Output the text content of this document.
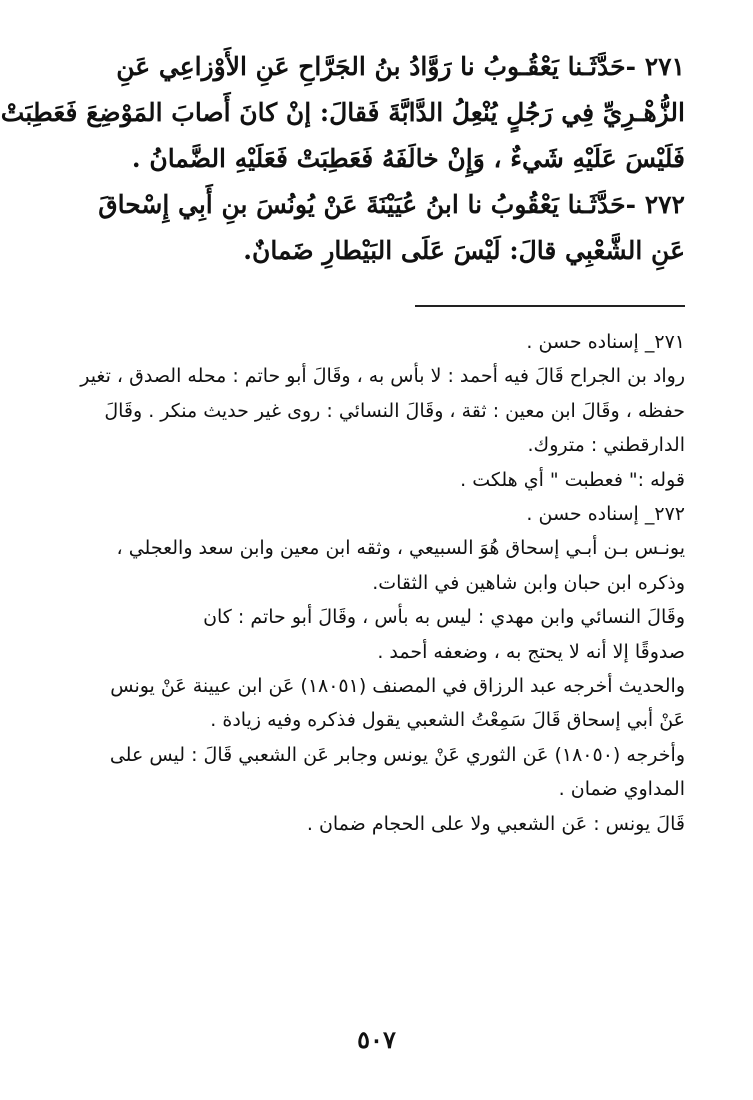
٢٧١ -حَدَّثَـنا يَعْقُـوبُ نا رَوَّادُ بنُ الجَرَّاحِ عَنِ الأَوْزاعِي عَنِ

الزُّهْـرِيِّ فِي رَجُلٍ يُنْعِلُ الدَّابَّةَ فَقالَ: إنْ كانَ أَصابَ المَوْضِعَ فَعَطِبَتْ

فَلَيْسَ عَلَيْهِ شَيءٌ ، وَإِنْ خالَفَهُ فَعَطِبَتْ فَعَلَيْهِ الضَّمانُ .

٢٧٢ -حَدَّثَـنا يَعْقُوبُ نا ابنُ عُيَيْنَةَ عَنْ يُونُسَ بنِ أَبِي إِسْحاقَ

عَنِ الشَّعْبِي قالَ: لَيْسَ عَلَى البَيْطارِ ضَمانٌ.

٢٧١_ إسناده حسن .

رواد بن الجراح قَالَ فيه أحمد : لا بأس به ، وقَالَ أبو حاتم : محله الصدق ، تغير

حفظه ، وقَالَ ابن معين : ثقة ، وقَالَ النسائي : روى غير حديث منكر . وقَالَ

الدارقطني : متروك.

قوله :" فعطبت " أي هلكت .

٢٧٢_ إسناده حسن .

يونـس بـن أبـي إسحاق هُوَ السبيعي ، وثقه ابن معين وابن سعد والعجلي ،

وذكره ابن حبان وابن شاهين في الثقات.

وقَالَ النسائي وابن مهدي : ليس به بأس ، وقَالَ أبو حاتم : كان

صدوقًا إلا أنه لا يحتج به ، وضعفه أحمد .

والحديث أخرجه عبد الرزاق في المصنف (١٨٠٥١) عَن ابن عيينة عَنْ يونس

عَنْ أبي إسحاق قَالَ سَمِعْتُ الشعبي يقول فذكره وفيه زيادة .

وأخرجه (١٨٠٥٠) عَن الثوري عَنْ يونس وجابر عَن الشعبي قَالَ : ليس على

المداوي ضمان .

قَالَ يونس : عَن الشعبي ولا على الحجام ضمان .

٥٠٧
